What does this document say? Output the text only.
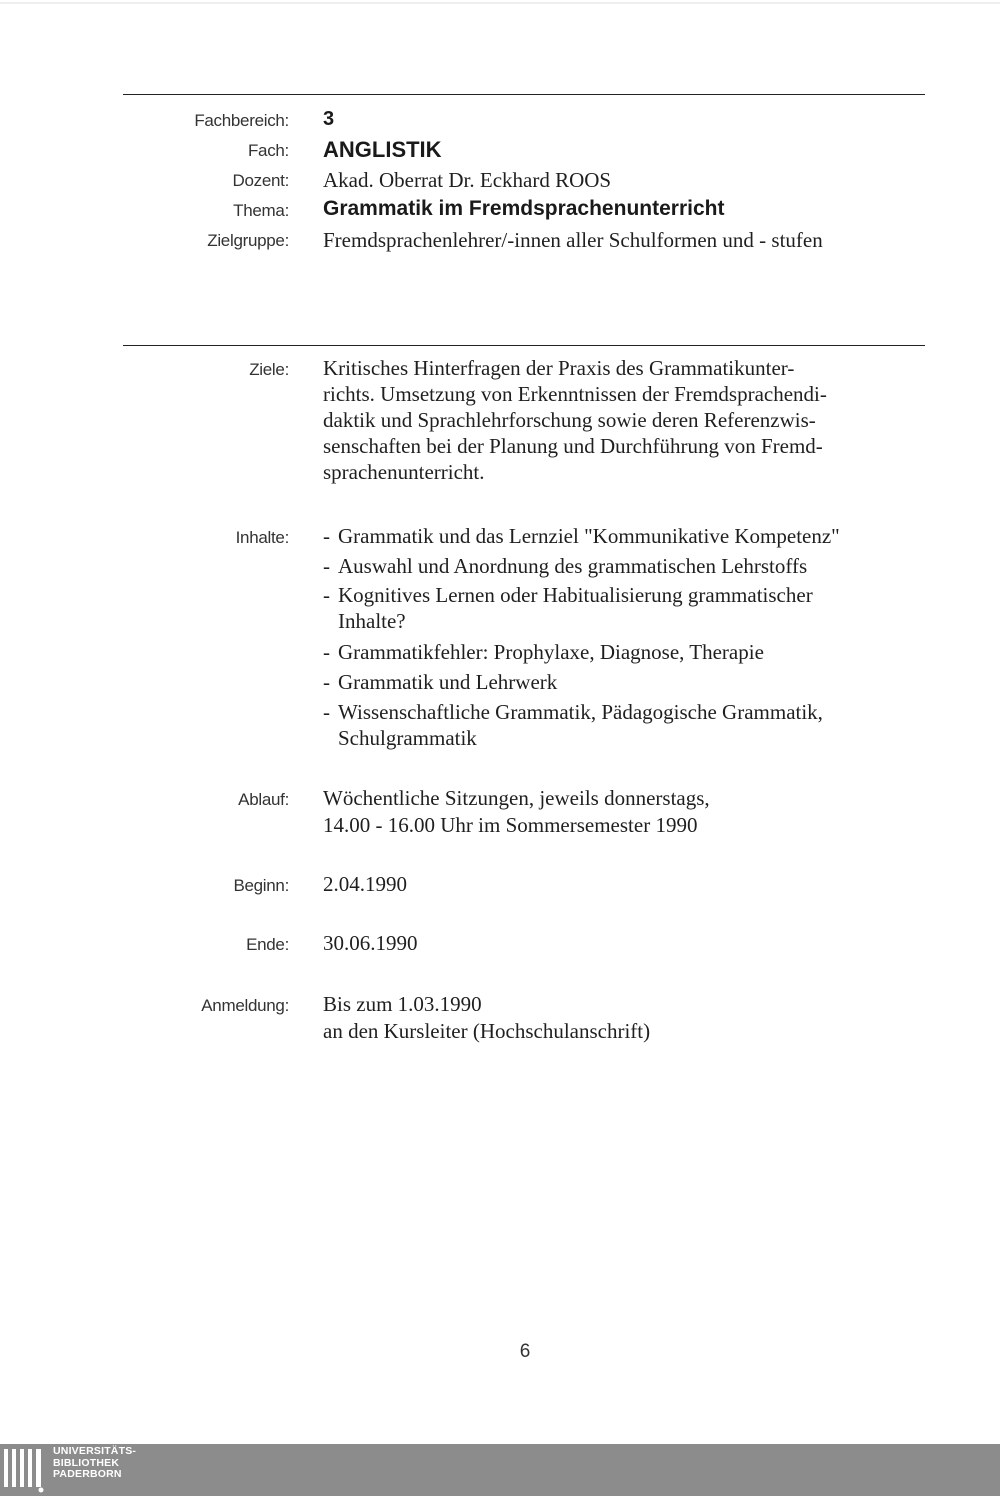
Fachbereich: 3
Fach: ANGLISTIK
Dozent: Akad. Oberrat Dr. Eckhard ROOS
Thema: Grammatik im Fremdsprachenunterricht
Zielgruppe: Fremdsprachenlehrer/-innen aller Schulformen und - stufen
Ziele: Kritisches Hinterfragen der Praxis des Grammatikunter-
richts. Umsetzung von Erkenntnissen der Fremdsprachendi-
daktik und Sprachlehrforschung sowie deren Referenzwis-
senschaften bei der Planung und Durchführung von Fremd-
sprachenunterricht.
Inhalte: - Grammatik und das Lernziel "Kommunikative Kompetenz"
- Auswahl und Anordnung des grammatischen Lehrstoffs
- Kognitives Lernen oder Habitualisierung grammatischer
Inhalte?
- Grammatikfehler: Prophylaxe, Diagnose, Therapie
- Grammatik und Lehrwerk
- Wissenschaftliche Grammatik, Pädagogische Grammatik,
Schulgrammatik
Ablauf: Wöchentliche Sitzungen, jeweils donnerstags,
14.00 - 16.00 Uhr im Sommersemester 1990
Beginn: 2.04.1990
Ende: 30.06.1990
Anmeldung: Bis zum 1.03.1990
an den Kursleiter (Hochschulanschrift)
6
UNIVERSITÄTS-
BIBLIOTHEK
PADERBORN
